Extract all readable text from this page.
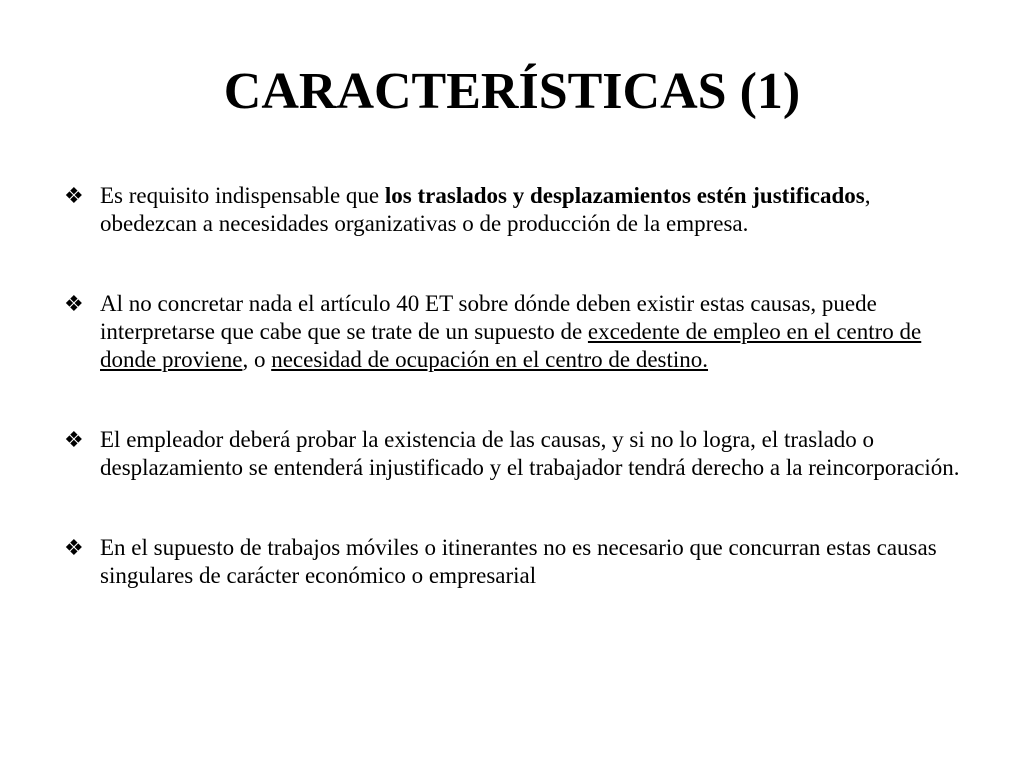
CARACTERÍSTICAS (1)
❖ Es requisito indispensable que los traslados y desplazamientos estén justificados, obedezcan a necesidades organizativas o de producción de la empresa.
❖ Al no concretar nada el artículo 40 ET sobre dónde deben existir estas causas, puede interpretarse que cabe que se trate de un supuesto de excedente de empleo en el centro de donde proviene, o necesidad de ocupación en el centro de destino.
❖ El empleador deberá probar la existencia de las causas, y si no lo logra, el traslado o desplazamiento se entenderá injustificado y el trabajador tendrá derecho a la reincorporación.
❖ En el supuesto de trabajos móviles o itinerantes no es necesario que concurran estas causas singulares de carácter económico o empresarial
